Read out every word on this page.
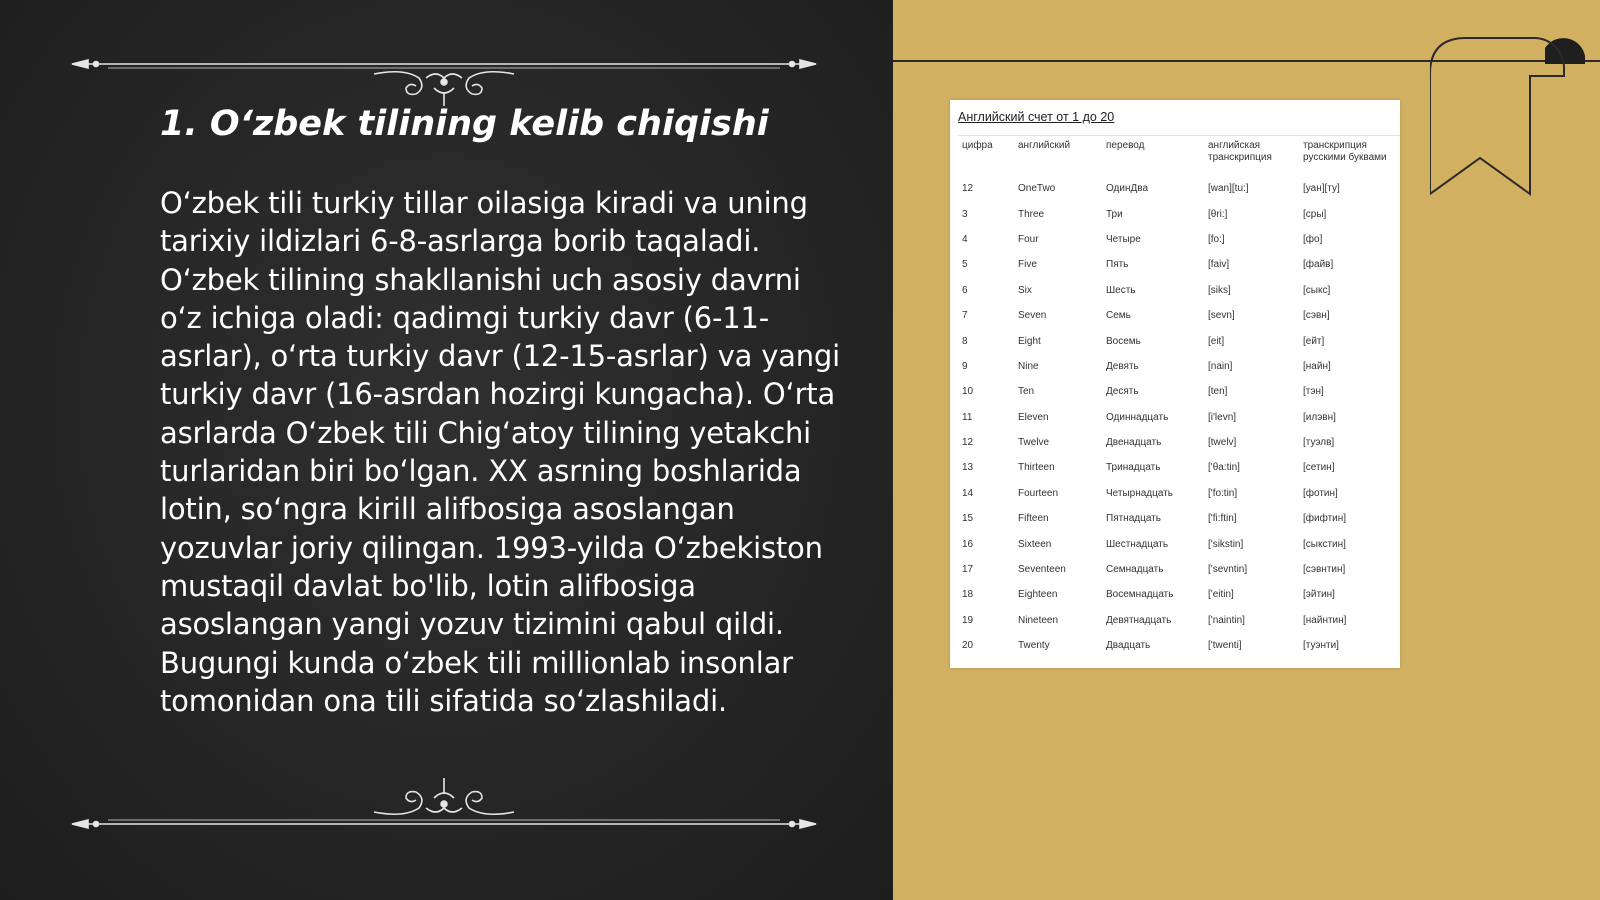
1. O‘zbek tilining kelib chiqishi

O‘zbek tili turkiy tillar oilasiga kiradi va uning tarixiy ildizlari 6-8-asrlarga borib taqaladi. O‘zbek tilining shakllanishi uch asosiy davrni o‘z ichiga oladi: qadimgi turkiy davr (6-11-asrlar), o‘rta turkiy davr (12-15-asrlar) va yangi turkiy davr (16-asrdan hozirgi kungacha). O‘rta asrlarda O‘zbek tili Chig‘atoy tilining yetakchi turlaridan biri bo‘lgan. XX asrning boshlarida lotin, so‘ngra kirill alifbosiga asoslangan yozuvlar joriy qilingan. 1993-yilda O‘zbekiston mustaqil davlat bo'lib, lotin alifbosiga asoslangan yangi yozuv tizimini qabul qildi. Bugungi kunda o‘zbek tili millionlab insonlar tomonidan ona tili sifatida so‘zlashiladi.

Английский счет от 1 до 20

цифра	английский	перевод	английская транскрипция	транскрипция русскими буквами
12	OneTwo	ОдинДва	[wan][tu:]	[уан][ту]
3	Three	Три	[θri:]	[сры]
4	Four	Четыре	[fo:]	[фо]
5	Five	Пять	[faiv]	[файв]
6	Six	Шесть	[siks]	[сыкс]
7	Seven	Семь	[sevn]	[сэвн]
8	Eight	Восемь	[eit]	[ейт]
9	Nine	Девять	[nain]	[найн]
10	Ten	Десять	[ten]	[тэн]
11	Eleven	Одиннадцать	[i'levn]	[илэвн]
12	Twelve	Двенадцать	[twelv]	[туэлв]
13	Thirteen	Тринадцать	['θa:tin]	[сетин]
14	Fourteen	Четырнадцать	['fo:tin]	[фотин]
15	Fifteen	Пятнадцать	['fi:ftin]	[фифтин]
16	Sixteen	Шестнадцать	['sikstin]	[сыкстин]
17	Seventeen	Семнадцать	['sevntin]	[сэвнтин]
18	Eighteen	Восемнадцать	['eitin]	[эйтин]
19	Nineteen	Девятнадцать	['naintin]	[найнтин]
20	Twenty	Двадцать	['twenti]	[туэнти]
